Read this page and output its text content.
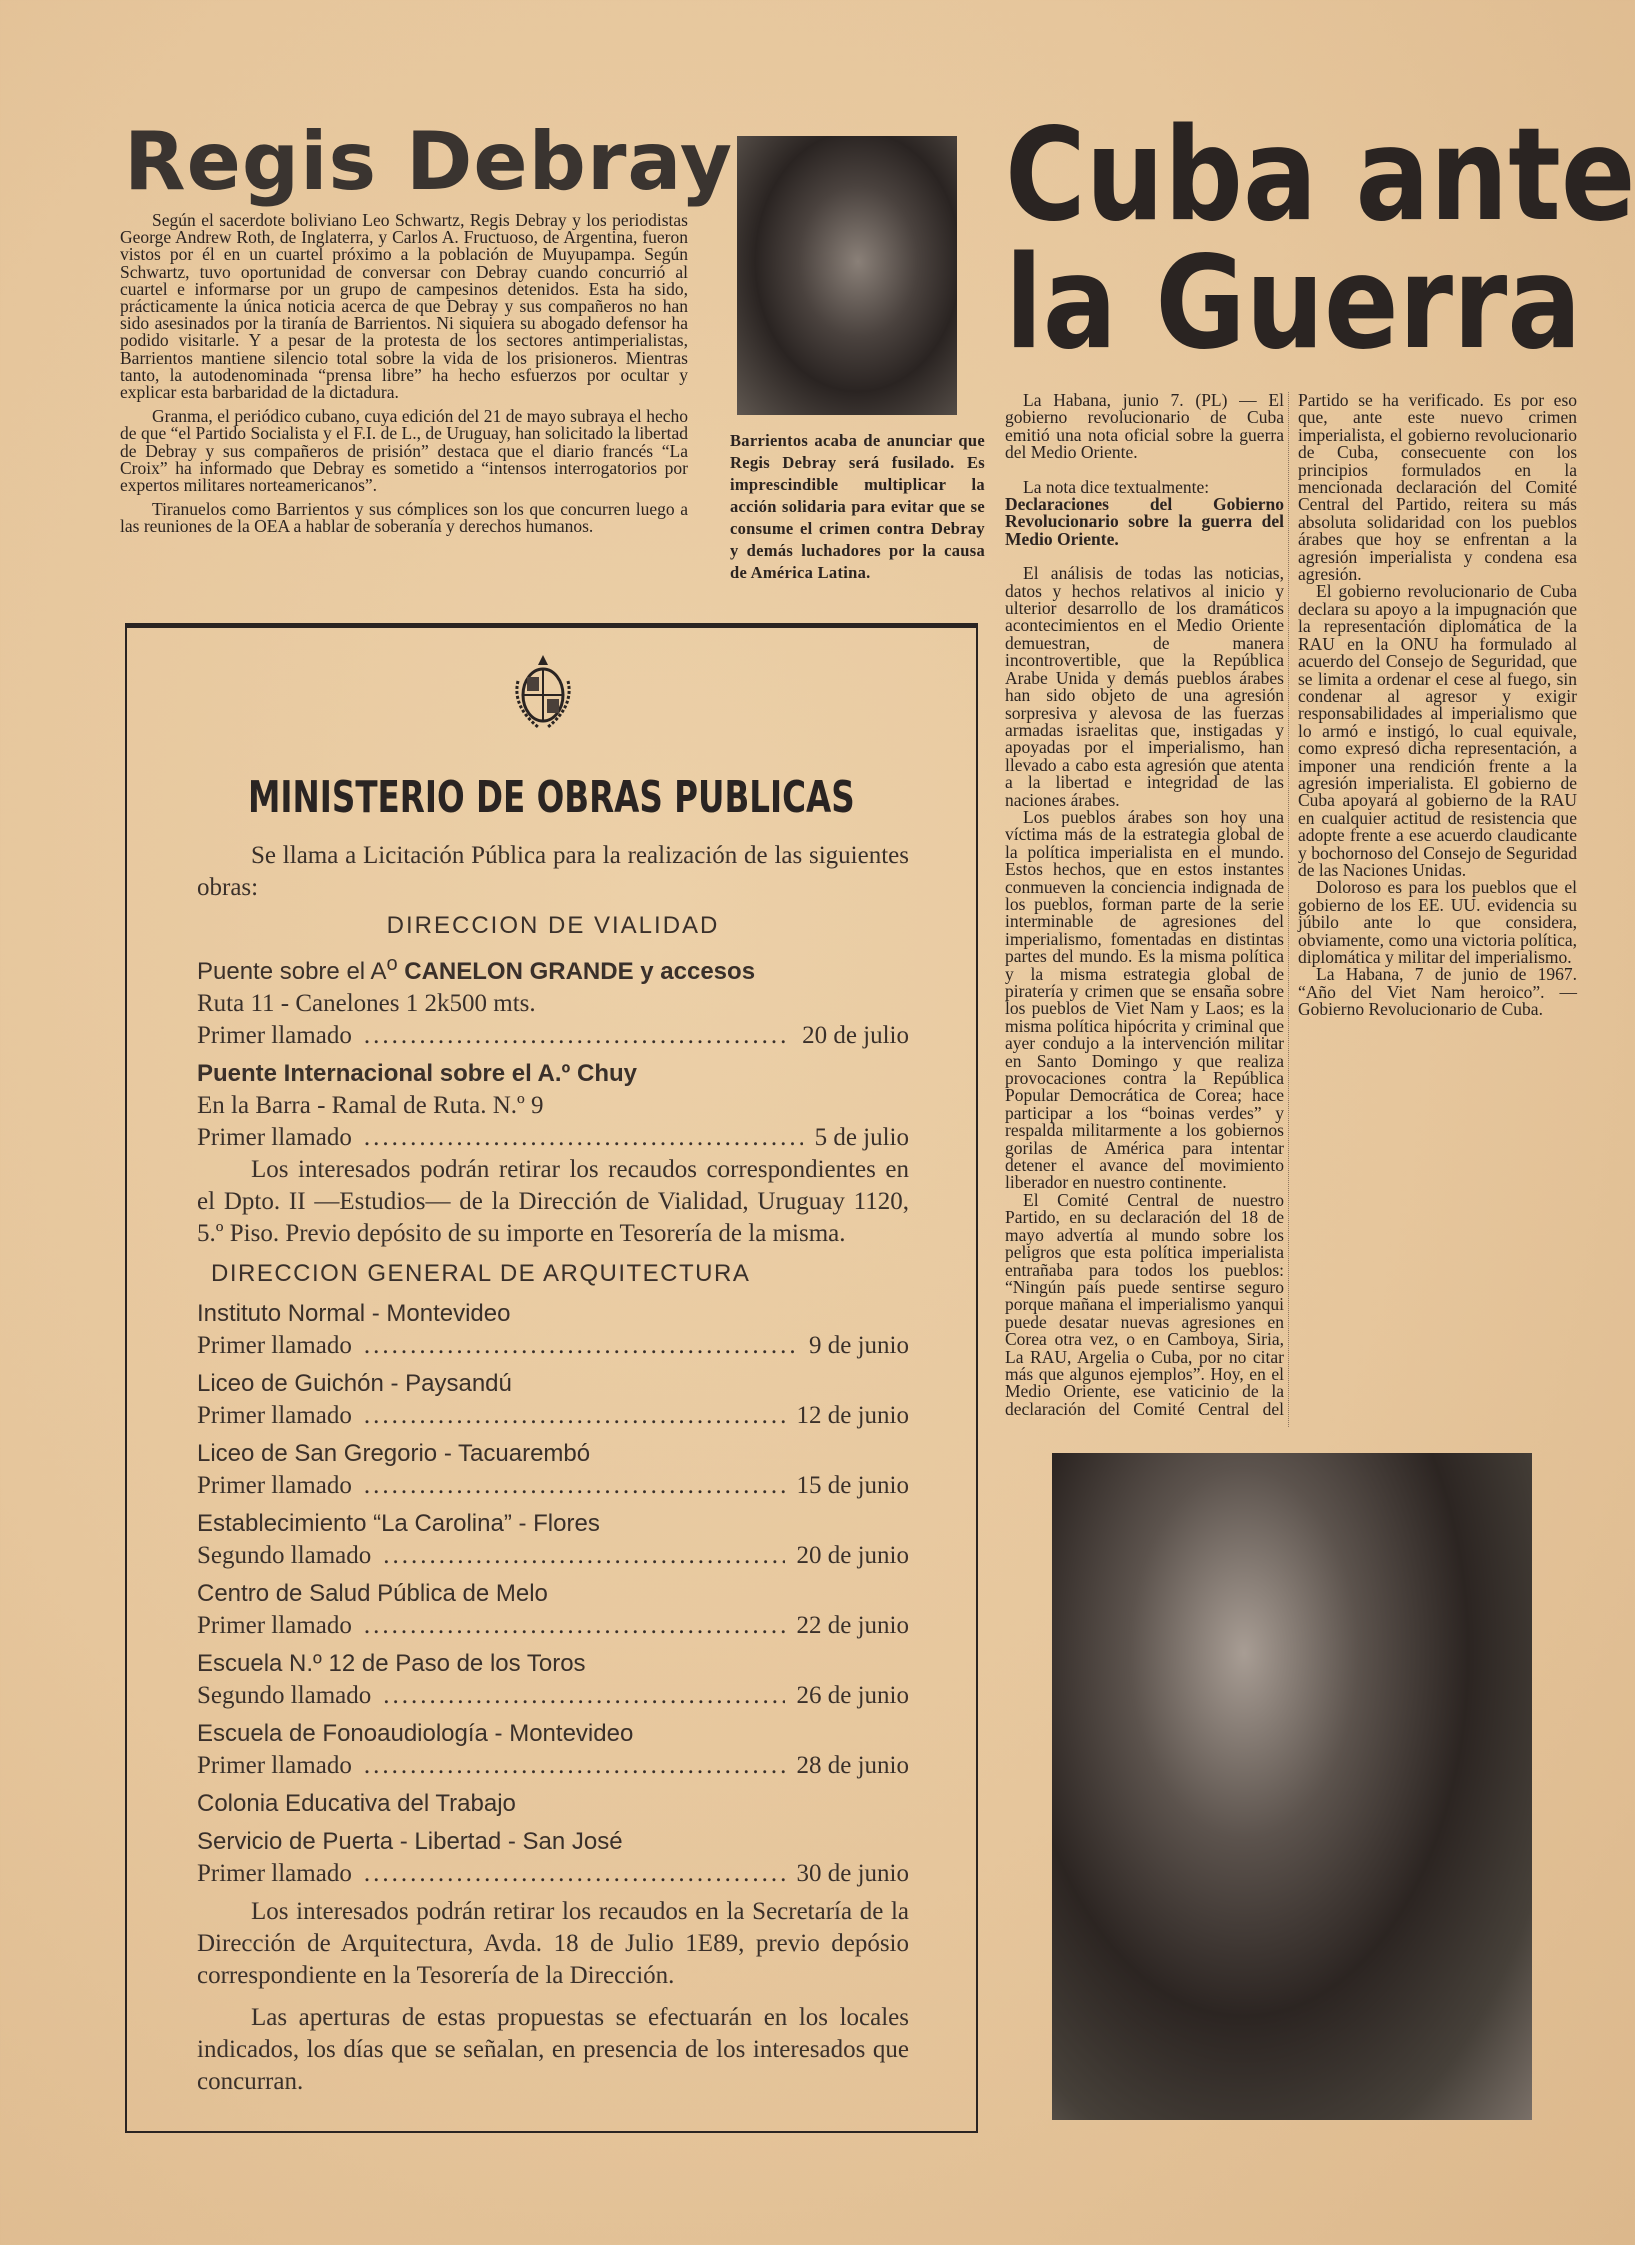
Regis Debray

Según el sacerdote boliviano Leo Schwartz, Regis Debray y los periodistas George Andrew Roth, de Inglaterra, y Carlos A. Fructuoso, de Argentina, fueron vistos por él en un cuartel próximo a la población de Muyupampa. Según Schwartz, tuvo oportunidad de conversar con Debray cuando concurrió al cuartel e informarse por un grupo de campesinos detenidos. Esta ha sido, prácticamente la única noticia acerca de que Debray y sus compañeros no han sido asesinados por la tiranía de Barrientos. Ni siquiera su abogado defensor ha podido visitarle. Y a pesar de la protesta de los sectores antimperialistas, Barrientos mantiene silencio total sobre la vida de los prisioneros. Mientras tanto, la autodenominada “prensa libre” ha hecho esfuerzos por ocultar y explicar esta barbaridad de la dictadura.

Granma, el periódico cubano, cuya edición del 21 de mayo subraya el hecho de que “el Partido Socialista y el F.I. de L., de Uruguay, han solicitado la libertad de Debray y sus compañeros de prisión” destaca que el diario francés “La Croix” ha informado que Debray es sometido a “intensos interrogatorios por expertos militares norteamericanos”.

Tiranuelos como Barrientos y sus cómplices son los que concurren luego a las reuniones de la OEA a hablar de soberanía y derechos humanos.

Barrientos acaba de anunciar que Regis Debray será fusilado. Es imprescindible multiplicar la acción solidaria para evitar que se consume el crimen contra Debray y demás luchadores por la causa de América Latina.
Cuba ante
la Guerra

La Habana, junio 7. (PL) — El gobierno revolucionario de Cuba emitió una nota oficial sobre la guerra del Medio Oriente.

La nota dice textualmente:

Declaraciones del Gobierno Revolucionario sobre la guerra del Medio Oriente.

El análisis de todas las noticias, datos y hechos relativos al inicio y ulterior desarrollo de los dramáticos acontecimientos en el Medio Oriente demuestran, de manera incontrovertible, que la República Arabe Unida y demás pueblos árabes han sido objeto de una agresión sorpresiva y alevosa de las fuerzas armadas israelitas que, instigadas y apoyadas por el imperialismo, han llevado a cabo esta agresión que atenta a la libertad e integridad de las naciones árabes.

Los pueblos árabes son hoy una víctima más de la estrategia global de la política imperialista en el mundo. Estos hechos, que en estos instantes conmueven la conciencia indignada de los pueblos, forman parte de la serie interminable de agresiones del imperialismo, fomentadas en distintas partes del mundo. Es la misma política y la misma estrategia global de piratería y crimen que se ensaña sobre los pueblos de Viet Nam y Laos; es la misma política hipócrita y criminal que ayer condujo a la intervención militar en Santo Domingo y que realiza provocaciones contra la República Popular Democrática de Corea; hace participar a los “boinas verdes” y respalda militarmente a los gobiernos gorilas de América para intentar detener el avance del movimiento liberador en nuestro continente.

El Comité Central de nuestro Partido, en su declaración del 18 de mayo advertía al mundo sobre los peligros que esta política imperialista entrañaba para todos los pueblos: “Ningún país puede sentirse seguro porque mañana el imperialismo yanqui puede desatar nuevas agresiones en Corea otra vez, o en Camboya, Siria, La RAU, Argelia o Cuba, por no citar más que algunos ejemplos”. Hoy, en el Medio Oriente, ese vaticinio de la declaración del Comité Central del Partido se ha verificado. Es por eso que, ante este nuevo crimen imperialista, el gobierno revolucionario de Cuba, consecuente con los principios formulados en la mencionada declaración del Comité Central del Partido, reitera su más absoluta solidaridad con los pueblos árabes que hoy se enfrentan a la agresión imperialista y condena esa agresión.

El gobierno revolucionario de Cuba declara su apoyo a la impugnación que la representación diplomática de la RAU en la ONU ha formulado al acuerdo del Consejo de Seguridad, que se limita a ordenar el cese al fuego, sin condenar al agresor y exigir responsabilidades al imperialismo que lo armó e instigó, lo cual equivale, como expresó dicha representación, a imponer una rendición frente a la agresión imperialista. El gobierno de Cuba apoyará al gobierno de la RAU en cualquier actitud de resistencia que adopte frente a ese acuerdo claudicante y bochornoso del Consejo de Seguridad de las Naciones Unidas.

Doloroso es para los pueblos que el gobierno de los EE. UU. evidencia su júbilo ante lo que considera, obviamente, como una victoria política, diplomática y militar del imperialismo.

La Habana, 7 de junio de 1967. “Año del Viet Nam heroico”. — Gobierno Revolucionario de Cuba.

MINISTERIO DE OBRAS PUBLICAS

Se llama a Licitación Pública para la realización de las siguientes obras:

DIRECCION DE VIALIDAD

Puente sobre el $A^o$ CANELON GRANDE y accesos

Ruta 11 - Canelones 1 2k500 mts.

Primer llamado .....	20 de julio

Puente Internacional sobre el A.º Chuy

En la Barra - Ramal de Ruta. N.º 9

Primer llamado .....	5 de julio

Los interesados podrán retirar los recaudos correspondientes en el Dpto. II —Estudios— de la Dirección de Vialidad, Uruguay 1120, 5.º Piso. Previo depósito de su importe en Tesorería de la misma.

DIRECCION GENERAL DE ARQUITECTURA

Instituto Normal - Montevideo

Primer llamado .....	9 de junio

Liceo de Guichón - Paysandú

Primer llamado .....	12 de junio

Liceo de San Gregorio - Tacuarembó

Primer llamado .....	15 de junio

Establecimiento “La Carolina” - Flores

Segundo llamado .....	20 de junio

Centro de Salud Pública de Melo

Primer llamado .....	22 de junio

Escuela N.º 12 de Paso de los Toros

Segundo llamado .....	26 de junio

Escuela de Fonoaudiología - Montevideo

Primer llamado .....	28 de junio

Colonia Educativa del Trabajo

Servicio de Puerta - Libertad - San José

Primer llamado .....	30 de junio

Los interesados podrán retirar los recaudos en la Secretaría de la Dirección de Arquitectura, Avda. 18 de Julio 1E89, previo depósio correspondiente en la Tesorería de la Dirección.

Las aperturas de estas propuestas se efectuarán en los locales indicados, los días que se señalan, en presencia de los interesados que concurran.
